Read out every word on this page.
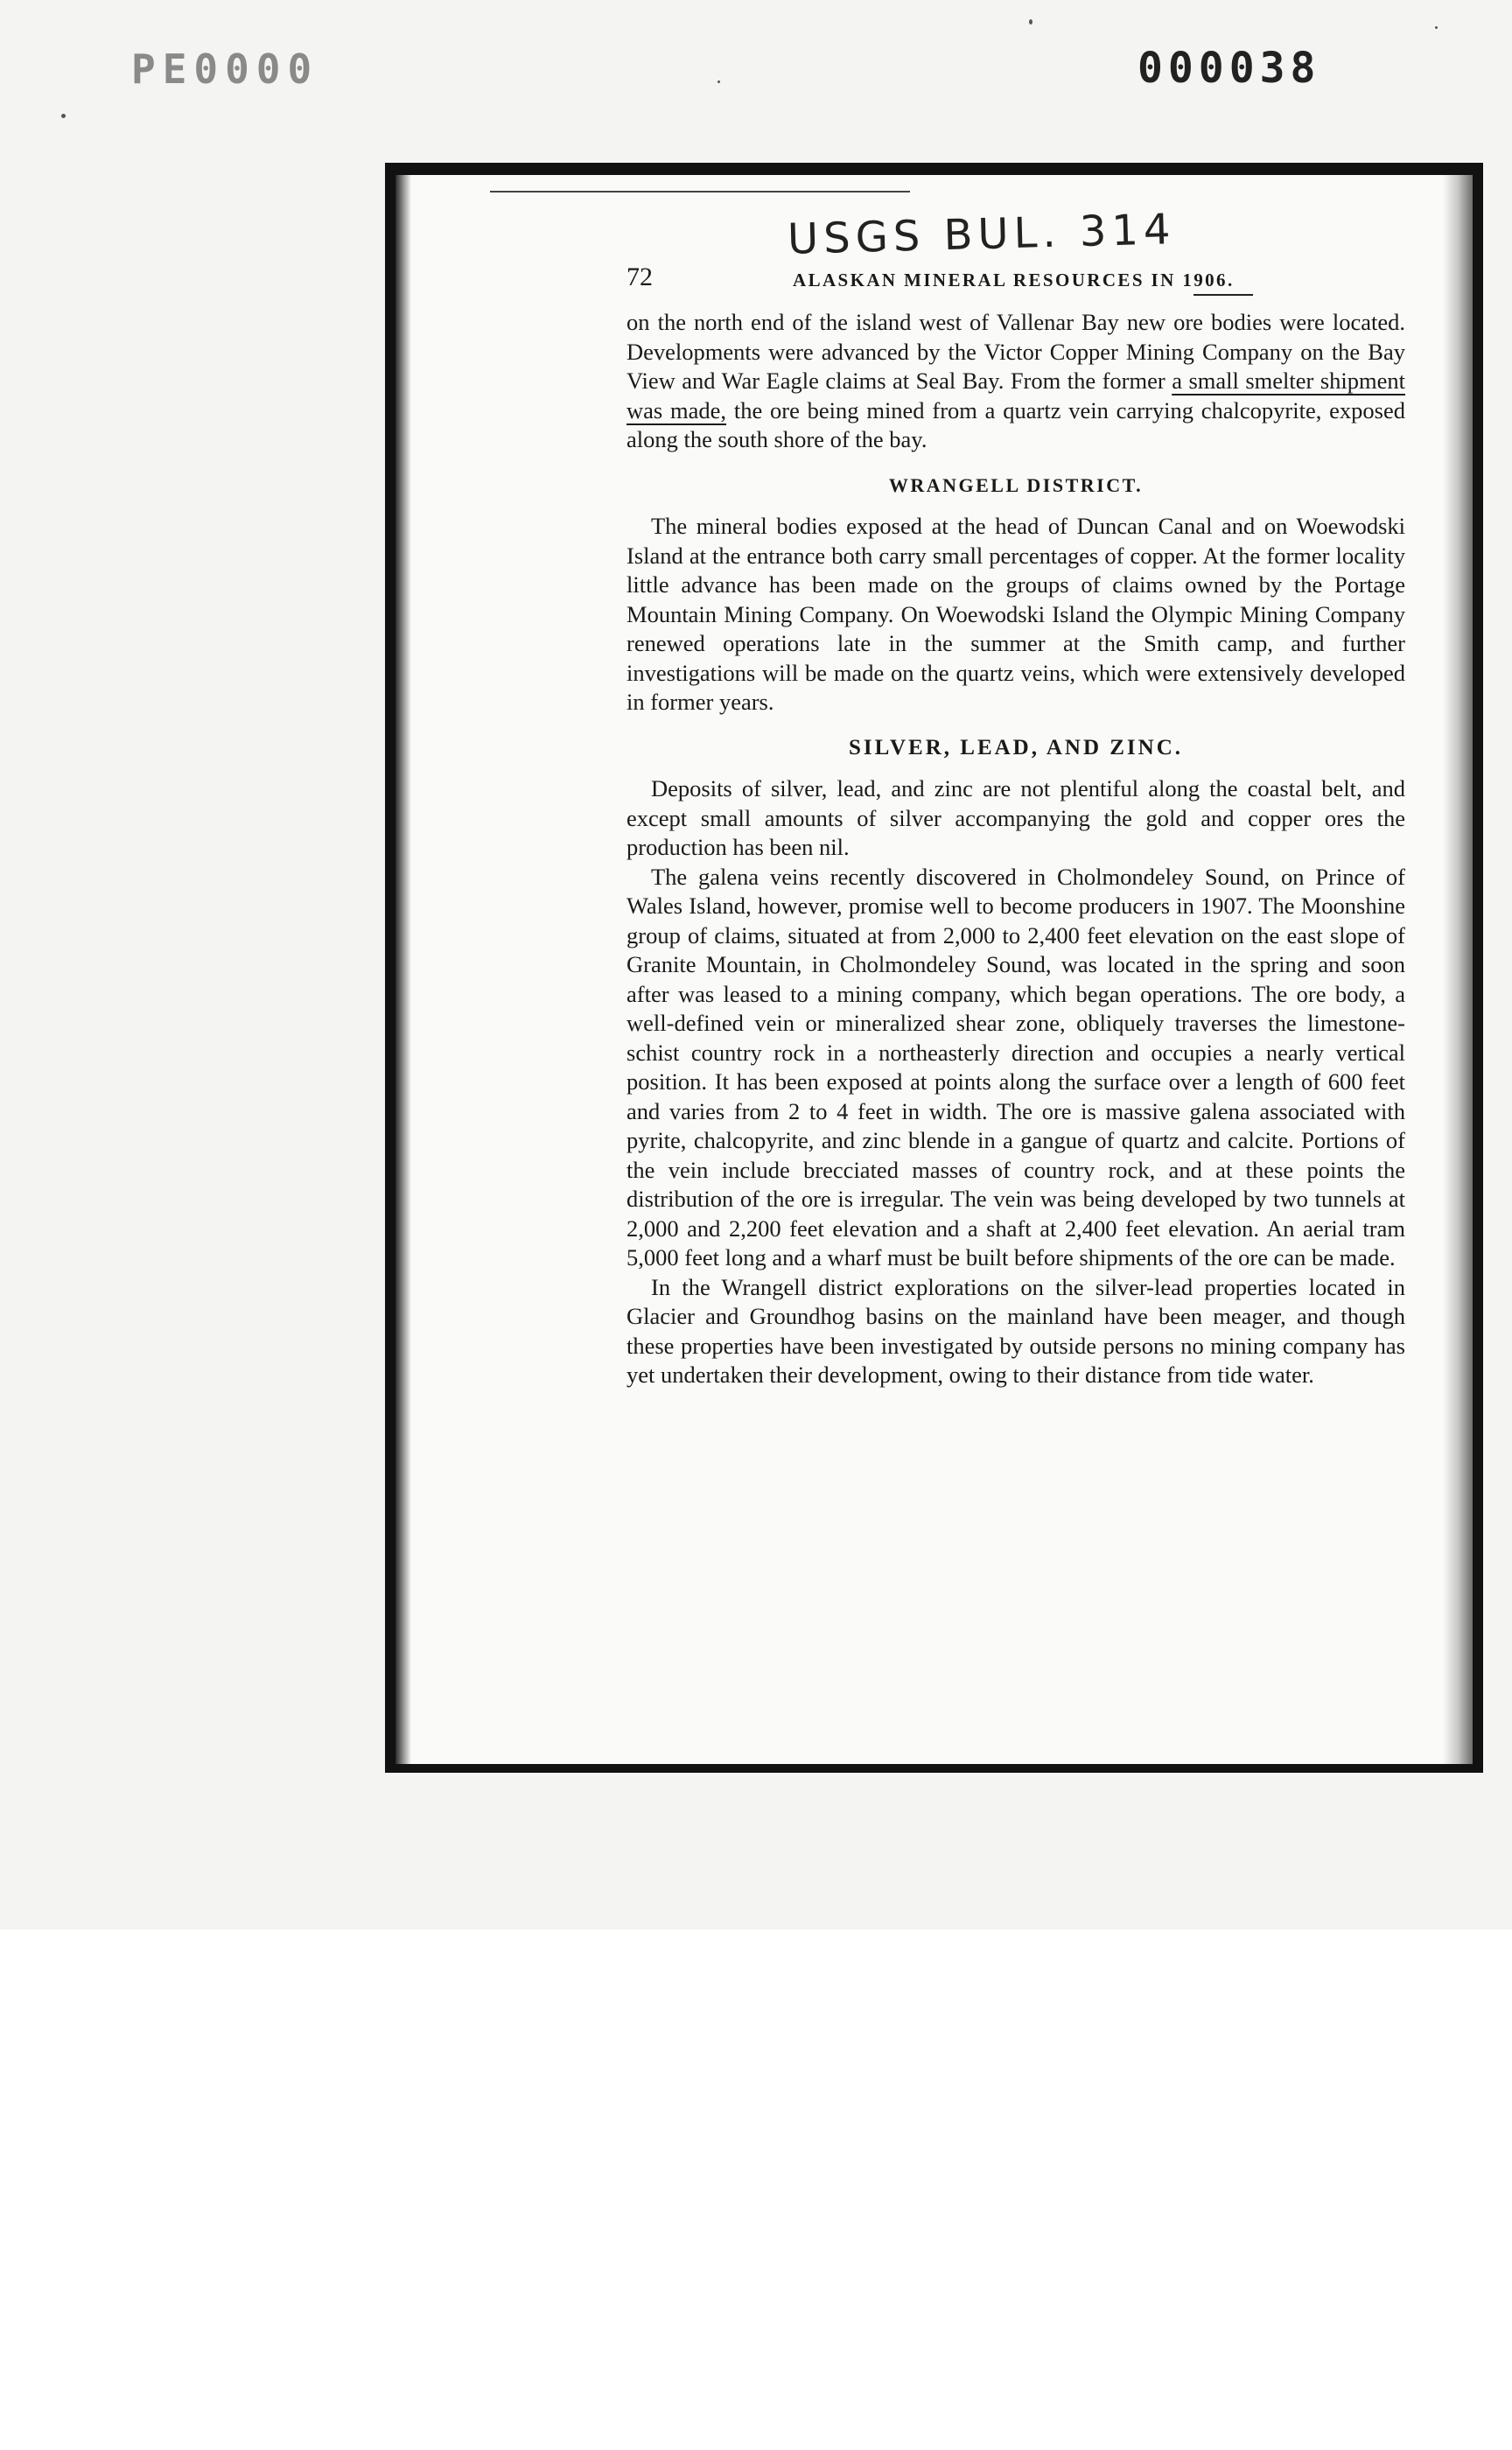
PE0000	000038
USGS BUL. 314
72	ALASKAN MINERAL RESOURCES IN 1906.

on the north end of the island west of Vallenar Bay new ore bodies were located. Developments were advanced by the Victor Copper Mining Company on the Bay View and War Eagle claims at Seal Bay. From the former a small smelter shipment was made, the ore being mined from a quartz vein carrying chalcopyrite, exposed along the south shore of the bay.

WRANGELL DISTRICT.

The mineral bodies exposed at the head of Duncan Canal and on Woewodski Island at the entrance both carry small percentages of copper. At the former locality little advance has been made on the groups of claims owned by the Portage Mountain Mining Company. On Woewodski Island the Olympic Mining Company renewed operations late in the summer at the Smith camp, and further investigations will be made on the quartz veins, which were extensively developed in former years.

SILVER, LEAD, AND ZINC.

Deposits of silver, lead, and zinc are not plentiful along the coastal belt, and except small amounts of silver accompanying the gold and copper ores the production has been nil.

The galena veins recently discovered in Cholmondeley Sound, on Prince of Wales Island, however, promise well to become producers in 1907. The Moonshine group of claims, situated at from 2,000 to 2,400 feet elevation on the east slope of Granite Mountain, in Cholmondeley Sound, was located in the spring and soon after was leased to a mining company, which began operations. The ore body, a well-defined vein or mineralized shear zone, obliquely traverses the limestone-schist country rock in a northeasterly direction and occupies a nearly vertical position. It has been exposed at points along the surface over a length of 600 feet and varies from 2 to 4 feet in width. The ore is massive galena associated with pyrite, chalcopyrite, and zinc blende in a gangue of quartz and calcite. Portions of the vein include brecciated masses of country rock, and at these points the distribution of the ore is irregular. The vein was being developed by two tunnels at 2,000 and 2,200 feet elevation and a shaft at 2,400 feet elevation. An aerial tram 5,000 feet long and a wharf must be built before shipments of the ore can be made.

In the Wrangell district explorations on the silver-lead properties located in Glacier and Groundhog basins on the mainland have been meager, and though these properties have been investigated by outside persons no mining company has yet undertaken their development, owing to their distance from tide water.
